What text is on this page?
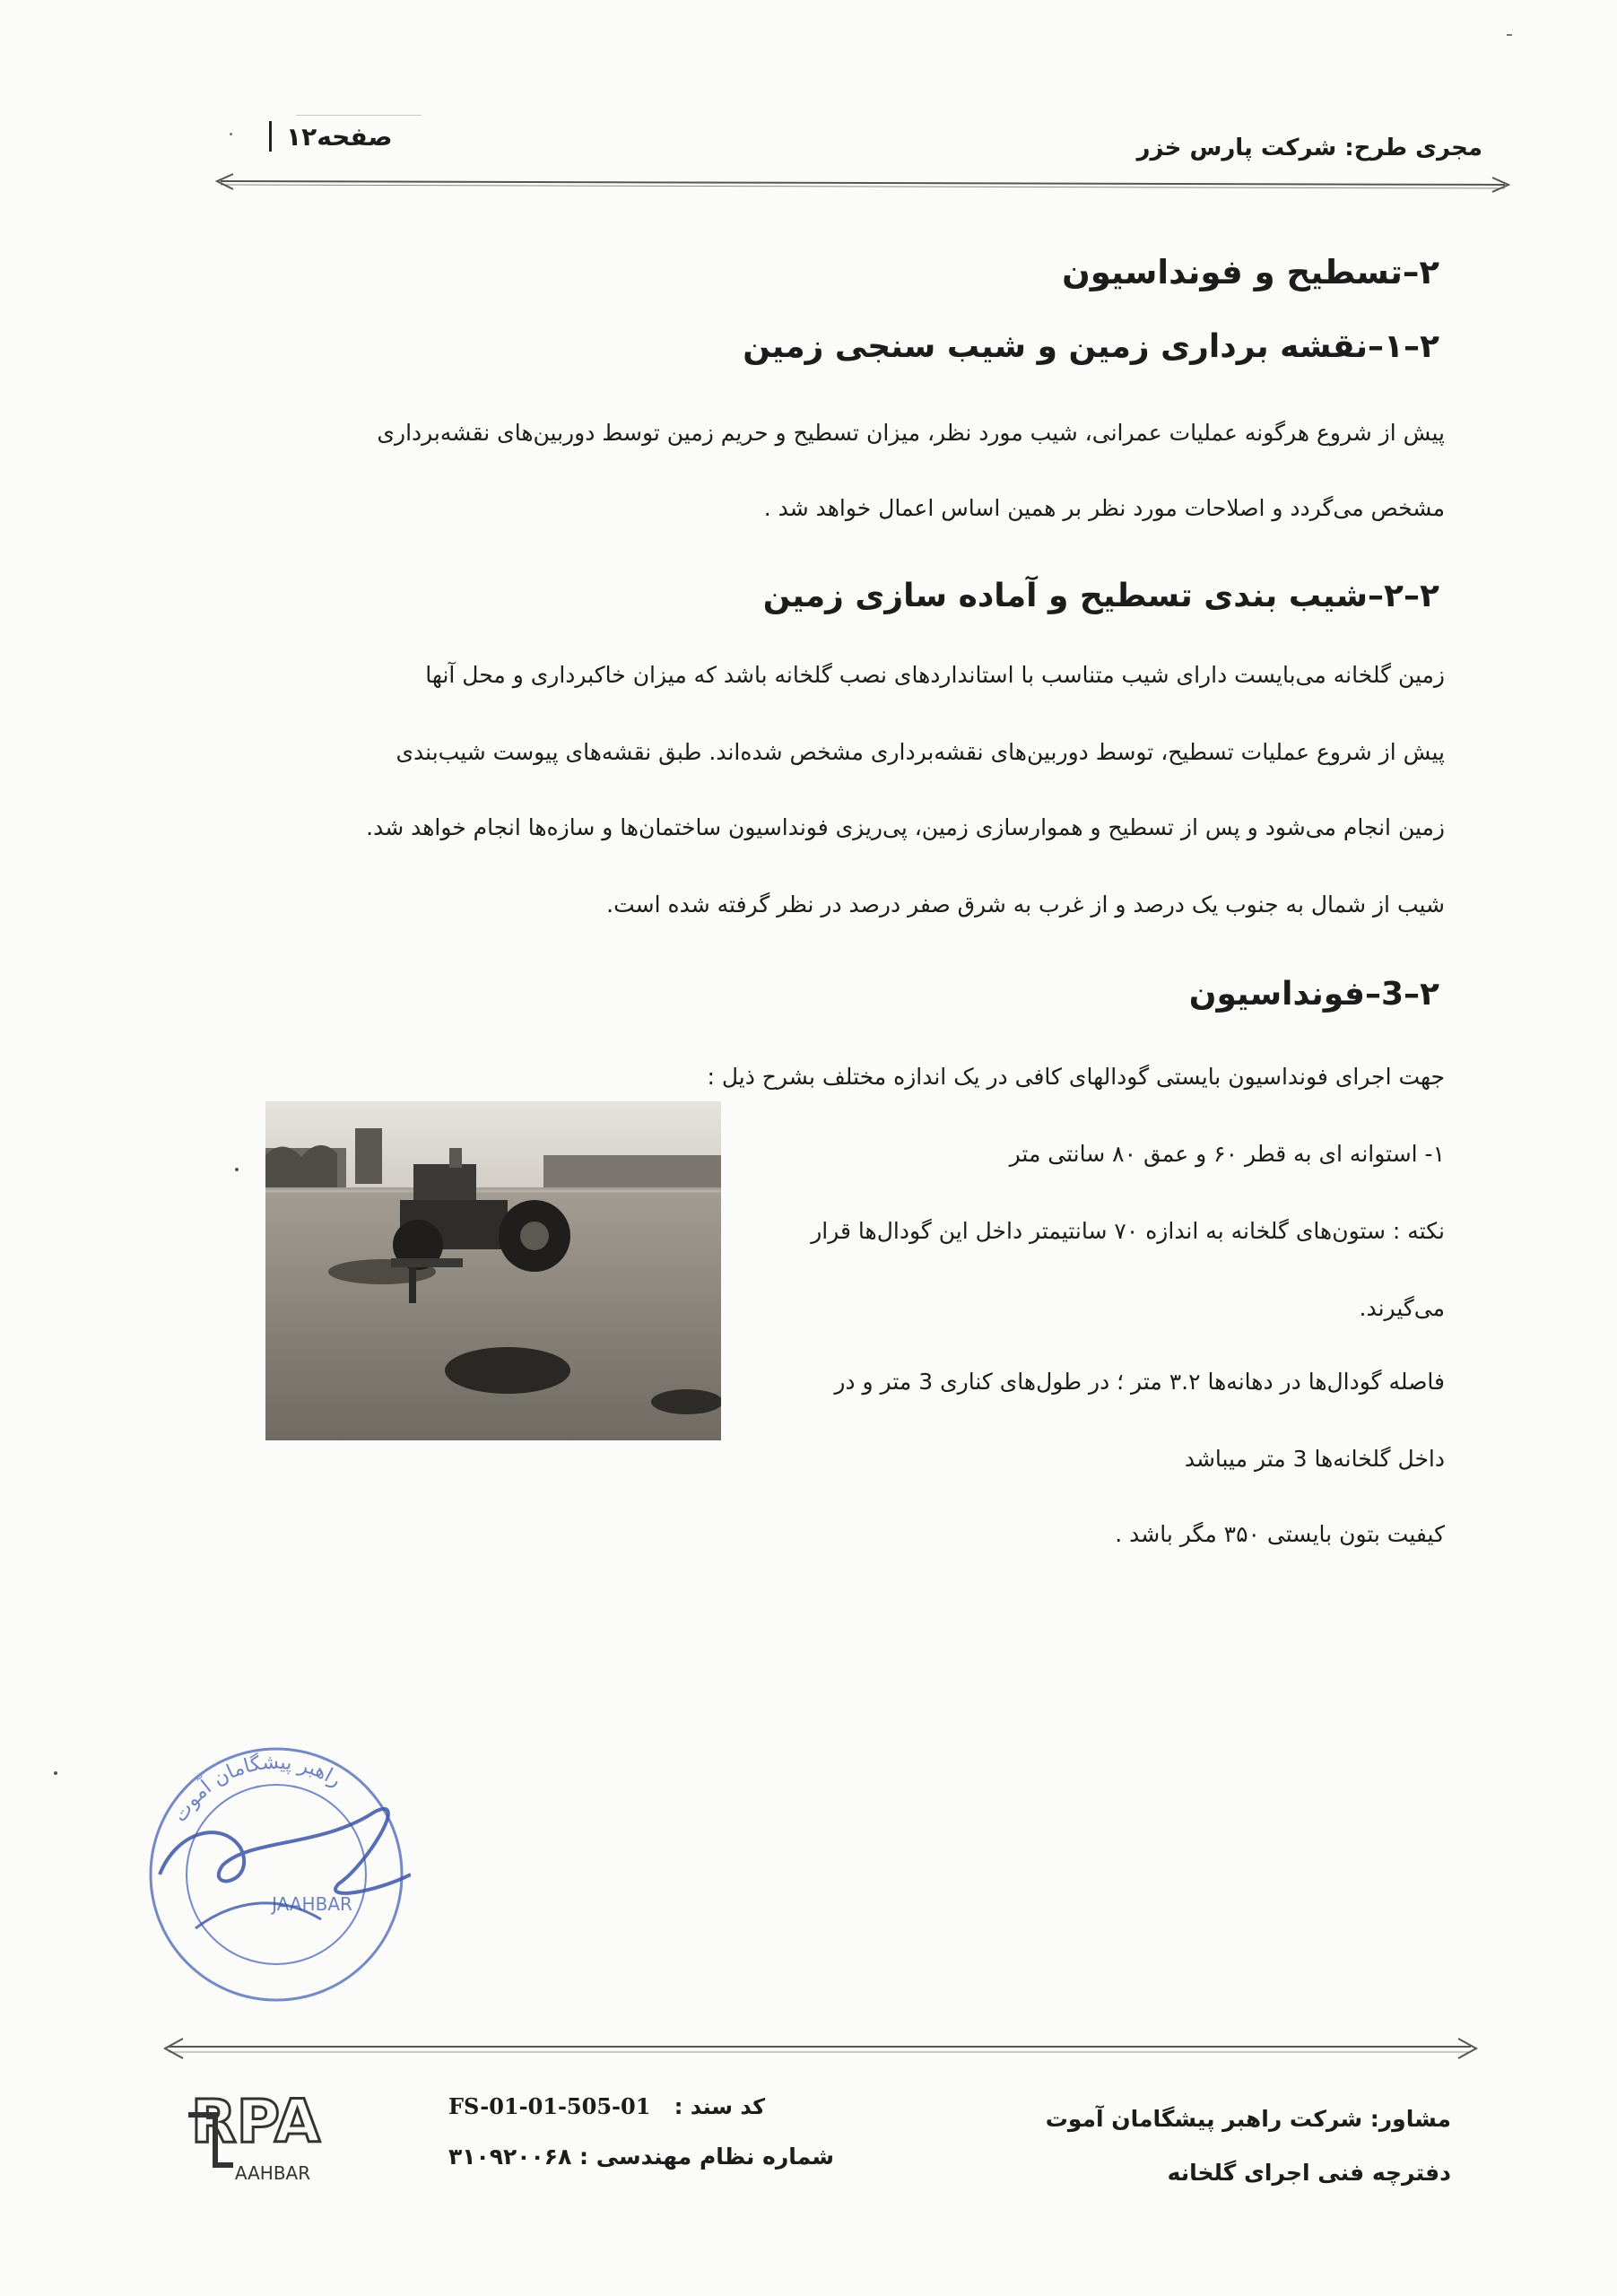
مجری طرح: شرکت پارس خزر
صفحه۱۲
۲–تسطیح و فونداسیون
۲–۱–نقشه برداری زمین و شیب سنجی زمین
پیش از شروع هرگونه عملیات عمرانی، شیب مورد نظر، میزان تسطیح و حریم زمین توسط دوربین‌های نقشه‌برداری
مشخص می‌گردد و اصلاحات مورد نظر بر همین اساس اعمال خواهد شد .
۲–۲–شیب بندی تسطیح و آماده سازی زمین
زمین گلخانه می‌بایست دارای شیب متناسب با استانداردهای نصب گلخانه باشد که میزان خاکبرداری و محل آنها
پیش از شروع عملیات تسطیح، توسط دوربین‌های نقشه‌برداری مشخص شده‌اند. طبق نقشه‌های پیوست شیب‌بندی
زمین انجام می‌شود و پس از تسطیح و هموارسازی زمین، پی‌ریزی فونداسیون ساختمان‌ها و سازه‌ها انجام خواهد شد.
شیب از شمال به جنوب یک درصد و از غرب به شرق صفر درصد در نظر گرفته شده است.
۲–3–فونداسیون
جهت اجرای فونداسیون بایستی گودالهای کافی در یک اندازه مختلف بشرح ذیل :
۱- استوانه ای به قطر ۶۰ و عمق ۸۰ سانتی متر
نکته : ستون‌های گلخانه به اندازه ۷۰ سانتیمتر داخل این گودال‌ها قرار
می‌گیرند.
فاصله گودال‌ها در دهانه‌ها ۳.۲ متر ؛ در طول‌های کناری 3 متر و در
داخل گلخانه‌ها 3 متر میباشد
کیفیت بتون بایستی ۳۵۰ مگر باشد .
مشاور: شرکت راهبر پیشگامان آموت
دفترچه فنی اجرای گلخانه
FS-01-01-505-01 کد سند :
شماره نظام مهندسی : ۳۱۰۹۲۰۰۶۸
RPA
AAHBAR
راهبر پیشگامان آموت
JAAHBAR
